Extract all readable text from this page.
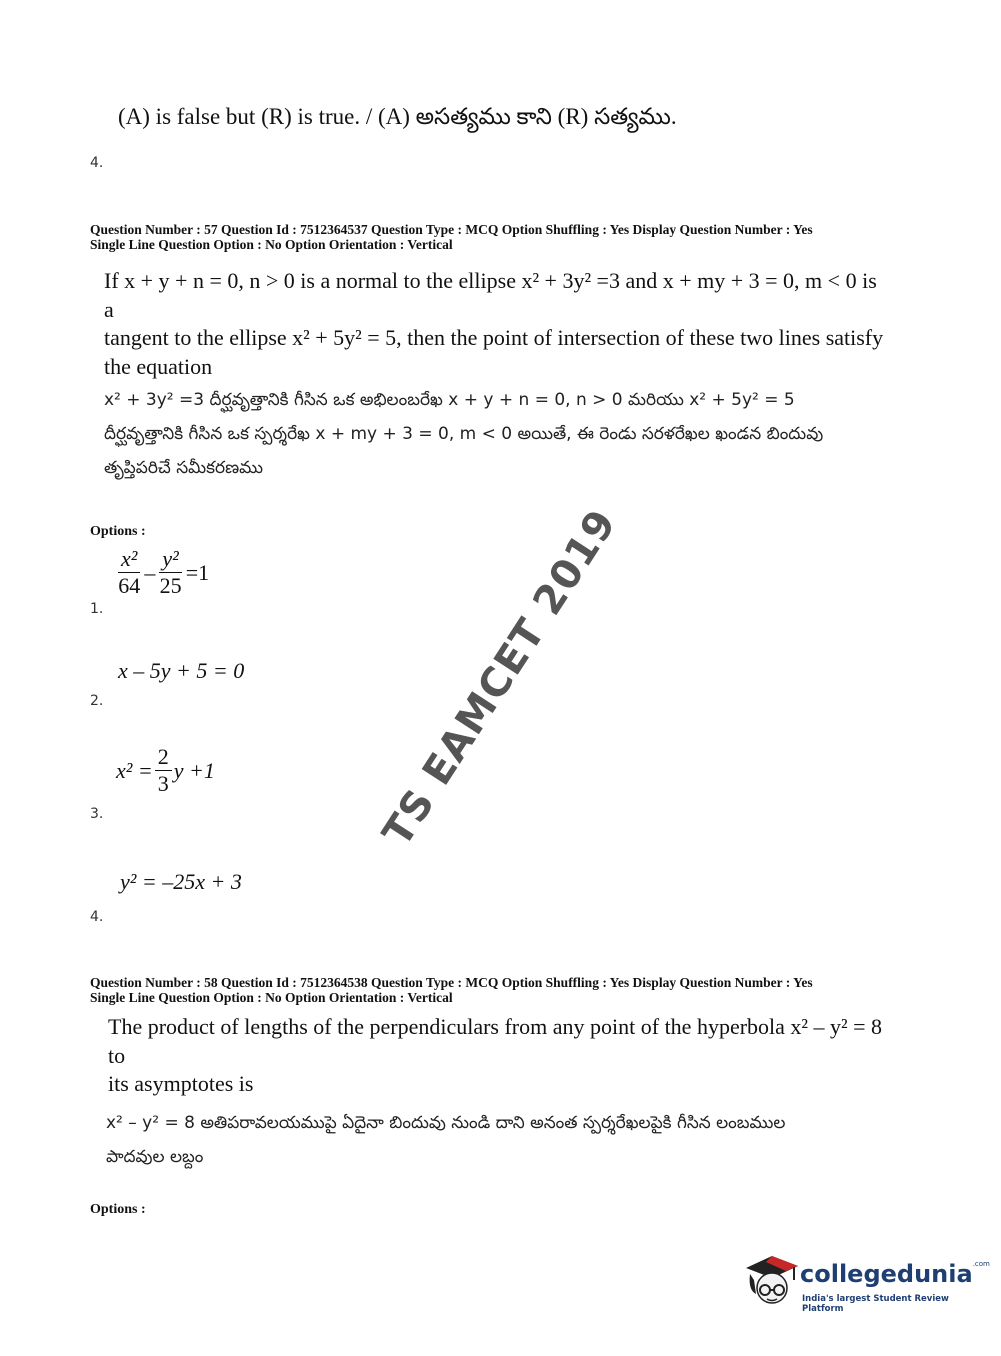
(A) is false but (R) is true. / (A) అసత్యము కాని (R) సత్యము.
4.
Question Number : 57 Question Id : 7512364537 Question Type : MCQ Option Shuffling : Yes Display Question Number : Yes
Single Line Question Option : No Option Orientation : Vertical
If x + y + n = 0, n > 0 is a normal to the ellipse x² + 3y² =3 and x + my + 3 = 0, m < 0 is a
tangent to the ellipse x² + 5y² = 5, then the point of intersection of these two lines satisfy
the equation
x² + 3y² =3 దీర్ఘవృత్తానికి గీసిన ఒక అభిలంబరేఖ x + y + n = 0, n > 0 మరియు x² + 5y² = 5
దీర్ఘవృత్తానికి గీసిన ఒక స్పర్శరేఖ x + my + 3 = 0, m < 0 అయితే, ఈ రెండు సరళరేఖల ఖండన బిందువు
తృప్తిపరిచే సమీకరణము
Options :
$\frac{\text{x²}}{64} - \frac{\text{y²}}{25} =1$
1.
x – 5y + 5 = 0
2.
$x^2 = \frac{2}{3}$ y +1
3.
y² = –25x + 3
4.
TS EAMCET 2019
Question Number : 58 Question Id : 7512364538 Question Type : MCQ Option Shuffling : Yes Display Question Number : Yes
Single Line Question Option : No Option Orientation : Vertical
The product of lengths of the perpendiculars from any point of the hyperbola x² – y² = 8 to
its asymptotes is
x² – y² = 8 అతిపరావలయముపై ఏదైనా బిందువు నుండి దాని అనంత స్పర్శరేఖలపైకి గీసిన లంబముల
పాదవుల లబ్దం
Options :
collegedunia$^{.com}$
India's largest Student Review Platform
